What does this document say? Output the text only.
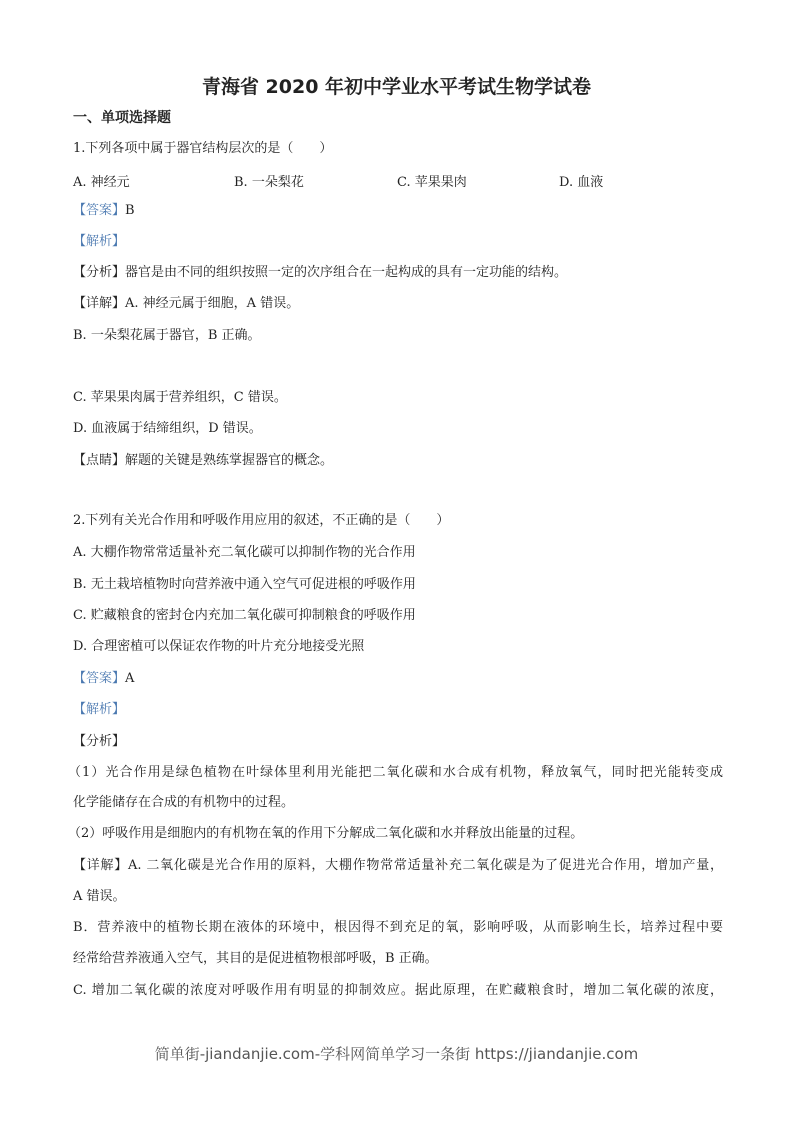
青海省 2020 年初中学业水平考试生物学试卷
一、单项选择题
1.下列各项中属于器官结构层次的是（　　）
A. 神经元	B. 一朵梨花	C. 苹果果肉	D. 血液
【答案】B
【解析】
【分析】器官是由不同的组织按照一定的次序组合在一起构成的具有一定功能的结构。
【详解】A. 神经元属于细胞，A 错误。
B. 一朵梨花属于器官，B 正确。
C. 苹果果肉属于营养组织，C 错误。
D. 血液属于结缔组织，D 错误。
【点睛】解题的关键是熟练掌握器官的概念。
2.下列有关光合作用和呼吸作用应用的叙述，不正确的是（　　）
A. 大棚作物常常适量补充二氧化碳可以抑制作物的光合作用
B. 无土栽培植物时向营养液中通入空气可促进根的呼吸作用
C. 贮藏粮食的密封仓内充加二氧化碳可抑制粮食的呼吸作用
D. 合理密植可以保证农作物的叶片充分地接受光照
【答案】A
【解析】
【分析】
（1）光合作用是绿色植物在叶绿体里利用光能把二氧化碳和水合成有机物，释放氧气，同时把光能转变成
化学能储存在合成的有机物中的过程。
（2）呼吸作用是细胞内的有机物在氧的作用下分解成二氧化碳和水并释放出能量的过程。
【详解】A. 二氧化碳是光合作用的原料，大棚作物常常适量补充二氧化碳是为了促进光合作用，增加产量，
A 错误。
B．营养液中的植物长期在液体的环境中，根因得不到充足的氧，影响呼吸，从而影响生长，培养过程中要
经常给营养液通入空气，其目的是促进植物根部呼吸，B 正确。
C. 增加二氧化碳的浓度对呼吸作用有明显的抑制效应。据此原理，在贮藏粮食时，增加二氧化碳的浓度，
简单街-jiandanjie.com-学科网简单学习一条街 https://jiandanjie.com
